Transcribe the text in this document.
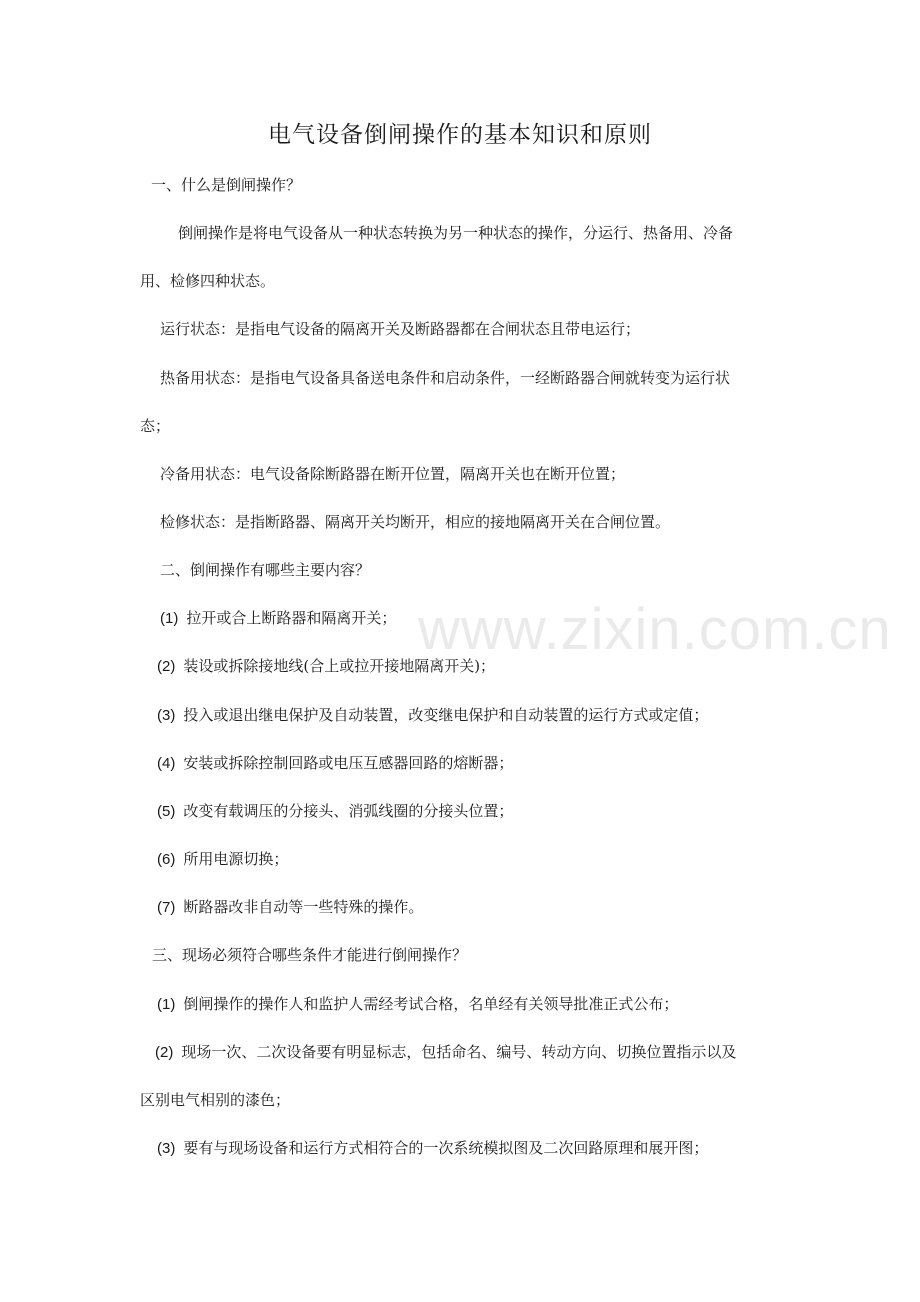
电气设备倒闸操作的基本知识和原则
一、什么是倒闸操作？
倒闸操作是将电气设备从一种状态转换为另一种状态的操作，分运行、热备用、冷备
用、检修四种状态。
运行状态：是指电气设备的隔离开关及断路器都在合闸状态且带电运行；
热备用状态：是指电气设备具备送电条件和启动条件，一经断路器合闸就转变为运行状
态；
冷备用状态：电气设备除断路器在断开位置，隔离开关也在断开位置；
检修状态：是指断路器、隔离开关均断开，相应的接地隔离开关在合闸位置。
二、倒闸操作有哪些主要内容？
(1) 拉开或合上断路器和隔离开关；
(2) 装设或拆除接地线(合上或拉开接地隔离开关)；
(3) 投入或退出继电保护及自动装置，改变继电保护和自动装置的运行方式或定值；
(4) 安装或拆除控制回路或电压互感器回路的熔断器；
(5) 改变有载调压的分接头、消弧线圈的分接头位置；
(6) 所用电源切换；
(7) 断路器改非自动等一些特殊的操作。
三、现场必须符合哪些条件才能进行倒闸操作？
(1) 倒闸操作的操作人和监护人需经考试合格，名单经有关领导批准正式公布；
(2) 现场一次、二次设备要有明显标志，包括命名、编号、转动方向、切换位置指示以及
区别电气相别的漆色；
(3) 要有与现场设备和运行方式相符合的一次系统模拟图及二次回路原理和展开图；
www.zixin.com.cn
